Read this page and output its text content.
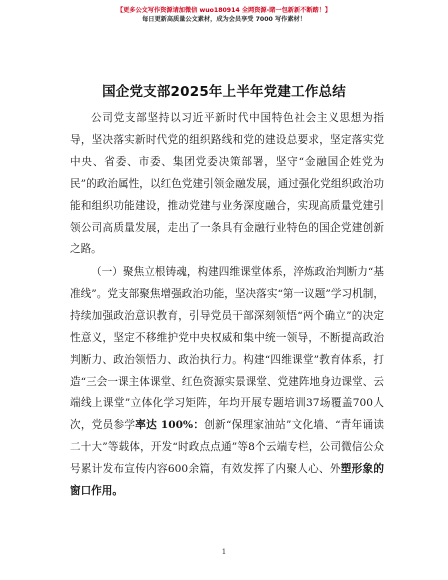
【更多公文写作资源请加微信 wuo180914 全网资源-睹一包新新不断踏！】
每日更新高质量公文素材，成为会员享受 7000 写作素材！
国企党支部2025年上半年党建工作总结

公司党支部坚持以习近平新时代中国特色社会主义思想为指导，坚决落实新时代党的组织路线和党的建设总要求，坚定落实党中央、省委、市委、集团党委决策部署，坚守“金融国企姓党为民”的政治属性，以红色党建引领金融发展，通过强化党组织政治功能和组织功能建设，推动党建与业务深度融合，实现高质量党建引领公司高质量发展，走出了一条具有金融行业特色的国企党建创新之路。

（一）聚焦立根铸魂，构建四维课堂体系，淬炼政治判断力“基准线”。党支部聚焦增强政治功能，坚决落实“第一议题”学习机制，持续加强政治意识教育，引导党员干部深刻领悟“两个确立”的决定性意义，坚定不移维护党中央权威和集中统一领导，不断提高政治判断力、政治领悟力、政治执行力。构建“四维课堂”教育体系，打造“三会一课主体课堂、红色资源实景课堂、党建阵地身边课堂、云端线上课堂”立体化学习矩阵，年均开展专题培训37场覆盖700人次，党员参学率达 100%：创新“保理家油站”文化墙、“青年诵读二十大”等载体，开发“时政点点通”等8个云端专栏，公司微信公众号累计发布宣传内容600余篇，有效发挥了内聚人心、外塑形象的窗口作用。

1
